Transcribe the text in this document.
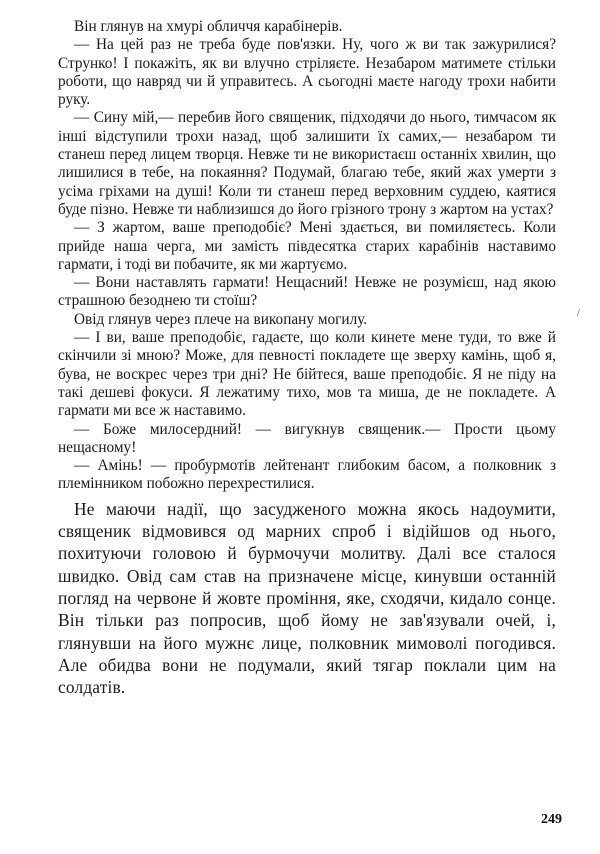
Він глянув на хмурі обличчя карабінерів.

— На цей раз не треба буде пов'язки. Ну, чого ж ви так зажурилися? Струнко! І покажіть, як ви влучно стріляєте. Незабаром матимете стільки роботи, що навряд чи й управитесь. А сьогодні маєте нагоду трохи набити руку.

— Сину мій,— перебив його священик, підходячи до нього, тимчасом як інші відступили трохи назад, щоб залишити їх самих,— незабаром ти станеш перед лицем творця. Невже ти не використаєш останніх хвилин, що лишилися в тебе, на покаяння? Подумай, благаю тебе, який жах умерти з усіма гріхами на душі! Коли ти станеш перед верховним суддею, каятися буде пізно. Невже ти наблизишся до його грізного трону з жартом на устах?

— З жартом, ваше преподобіє? Мені здається, ви помиляєтесь. Коли прийде наша черга, ми замість півдесятка старих карабінів наставимо гармати, і тоді ви побачите, як ми жартуємо.

— Вони наставлять гармати! Нещасний! Невже не розумієш, над якою страшною безоднею ти стоїш?

Овід глянув через плече на викопану могилу.

— І ви, ваше преподобіє, гадаєте, що коли кинете мене туди, то вже й скінчили зі мною? Може, для певності покладете ще зверху камінь, щоб я, бува, не воскрес через три дні? Не бійтеся, ваше преподобіє. Я не піду на такі дешеві фокуси. Я лежатиму тихо, мов та миша, де не покладете. А гармати ми все ж наставимо.

— Боже милосердний! — вигукнув священик.— Прости цьому нещасному!

— Амінь! — пробурмотів лейтенант глибоким басом, а полковник з племінником побожно перехрестилися.

Не маючи надії, що засудженого можна якось надоумити, священик відмовився од марних спроб і відійшов од нього, похитуючи головою й бурмочучи молитву. Далі все сталося швидко. Овід сам став на призначене місце, кинувши останній погляд на червоне й жовте проміння, яке, сходячи, кидало сонце. Він тільки раз попросив, щоб йому не зав'язували очей, і, глянувши на його мужнє лице, полковник мимоволі погодився. Але обидва вони не подумали, який тягар поклали цим на солдатів.

/
249
